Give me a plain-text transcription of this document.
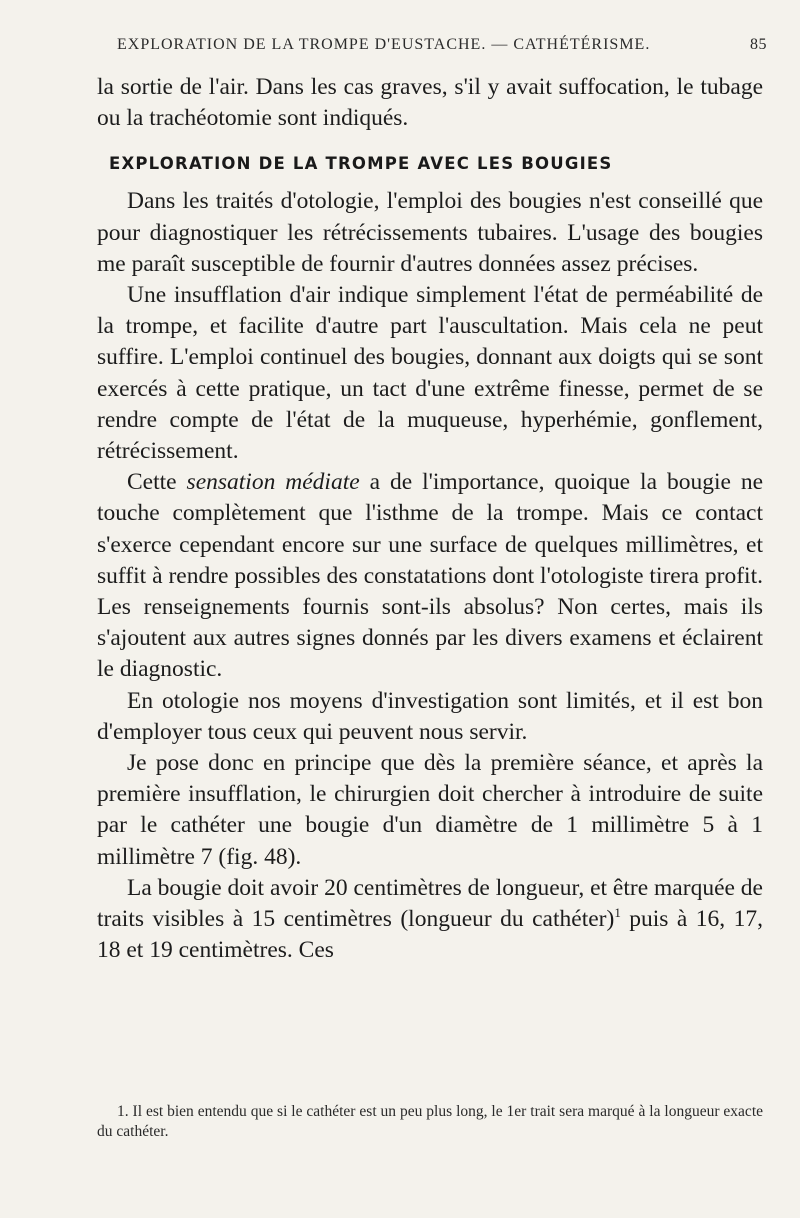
EXPLORATION DE LA TROMPE D'EUSTACHE. — CATHÉTÉRISME.	85

la sortie de l'air. Dans les cas graves, s'il y avait suffocation, le tubage ou la trachéotomie sont indiqués.

EXPLORATION DE LA TROMPE AVEC LES BOUGIES

Dans les traités d'otologie, l'emploi des bougies n'est conseillé que pour diagnostiquer les rétrécissements tubaires. L'usage des bougies me paraît susceptible de fournir d'autres données assez précises.

Une insufflation d'air indique simplement l'état de perméabilité de la trompe, et facilite d'autre part l'auscultation. Mais cela ne peut suffire. L'emploi continuel des bougies, donnant aux doigts qui se sont exercés à cette pratique, un tact d'une extrême finesse, permet de se rendre compte de l'état de la muqueuse, hyperhémie, gonflement, rétrécissement.

Cette sensation médiate a de l'importance, quoique la bougie ne touche complètement que l'isthme de la trompe. Mais ce contact s'exerce cependant encore sur une surface de quelques millimètres, et suffit à rendre possibles des constatations dont l'otologiste tirera profit. Les renseignements fournis sont-ils absolus? Non certes, mais ils s'ajoutent aux autres signes donnés par les divers examens et éclairent le diagnostic.

En otologie nos moyens d'investigation sont limités, et il est bon d'employer tous ceux qui peuvent nous servir.

Je pose donc en principe que dès la première séance, et après la première insufflation, le chirurgien doit chercher à introduire de suite par le cathéter une bougie d'un diamètre de 1 millimètre 5 à 1 millimètre 7 (fig. 48).

La bougie doit avoir 20 centimètres de longueur, et être marquée de traits visibles à 15 centimètres (longueur du cathéter)$^1$ puis à 16, 17, 18 et 19 centimètres. Ces

1. Il est bien entendu que si le cathéter est un peu plus long, le 1er trait sera marqué à la longueur exacte du cathéter.
